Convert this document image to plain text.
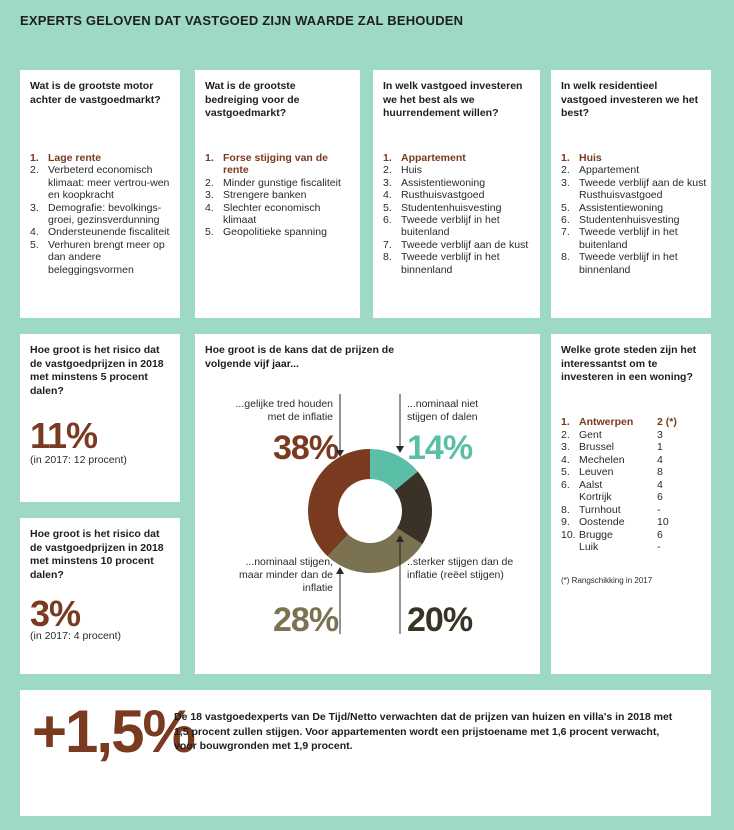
EXPERTS GELOVEN DAT VASTGOED ZIJN WAARDE ZAL BEHOUDEN
Wat is de grootste motor achter de vastgoedmarkt?
1. Lage rente
2. Verbeterd economisch klimaat: meer vertrou-wen en koopkracht
3. Demografie: bevolkings-groei, gezinsverdunning
4. Ondersteunende fiscaliteit
5. Verhuren brengt meer op dan andere beleggingsvormen
Wat is de grootste bedreiging voor de vastgoedmarkt?
1. Forse stijging van de rente
2. Minder gunstige fiscaliteit
3. Strengere banken
4. Slechter economisch klimaat
5. Geopolitieke spanning
In welk vastgoed investeren we het best als we huurrendement willen?
1. Appartement
2. Huis
3. Assistentiewoning
4. Rusthuisvastgoed
5. Studentenhuisvesting
6. Tweede verblijf in het buitenland
7. Tweede verblijf aan de kust
8. Tweede verblijf in het binnenland
In welk residentieel vastgoed investeren we het best?
1. Huis
2. Appartement
3. Tweede verblijf aan de kust
Rusthuisvastgoed
5. Assistentiewoning
6. Studentenhuisvesting
7. Tweede verblijf in het buitenland
8. Tweede verblijf in het binnenland
Hoe groot is het risico dat de vastgoedprijzen in 2018 met minstens 5 procent dalen?
11%
(in 2017: 12 procent)
Hoe groot is het risico dat de vastgoedprijzen in 2018 met minstens 10 procent dalen?
3%
(in 2017: 4 procent)
Hoe groot is de kans dat de prijzen de volgende vijf jaar...
...gelijke tred houden met de inflatie
38%
...nominaal niet stijgen of dalen
14%
...nominaal stijgen, maar minder dan de inflatie
28%
..sterker stijgen dan de inflatie (reëel stijgen)
20%
Welke grote steden zijn het interessantst om te investeren in een woning?
1. Antwerpen	2 (*)
2. Gent	3
3. Brussel	1
4. Mechelen	4
5. Leuven	8
6. Aalst	4
Kortrijk	6
8. Turnhout	-
9. Oostende	10
10. Brugge	6
Luik	-
(*) Rangschikking in 2017
+1,5%
De 18 vastgoedexperts van De Tijd/Netto verwachten dat de prijzen van huizen en villa's in 2018 met 1,5 procent zullen stijgen. Voor appartementen wordt een prijstoename met 1,6 procent verwacht, voor bouwgronden met 1,9 procent.
